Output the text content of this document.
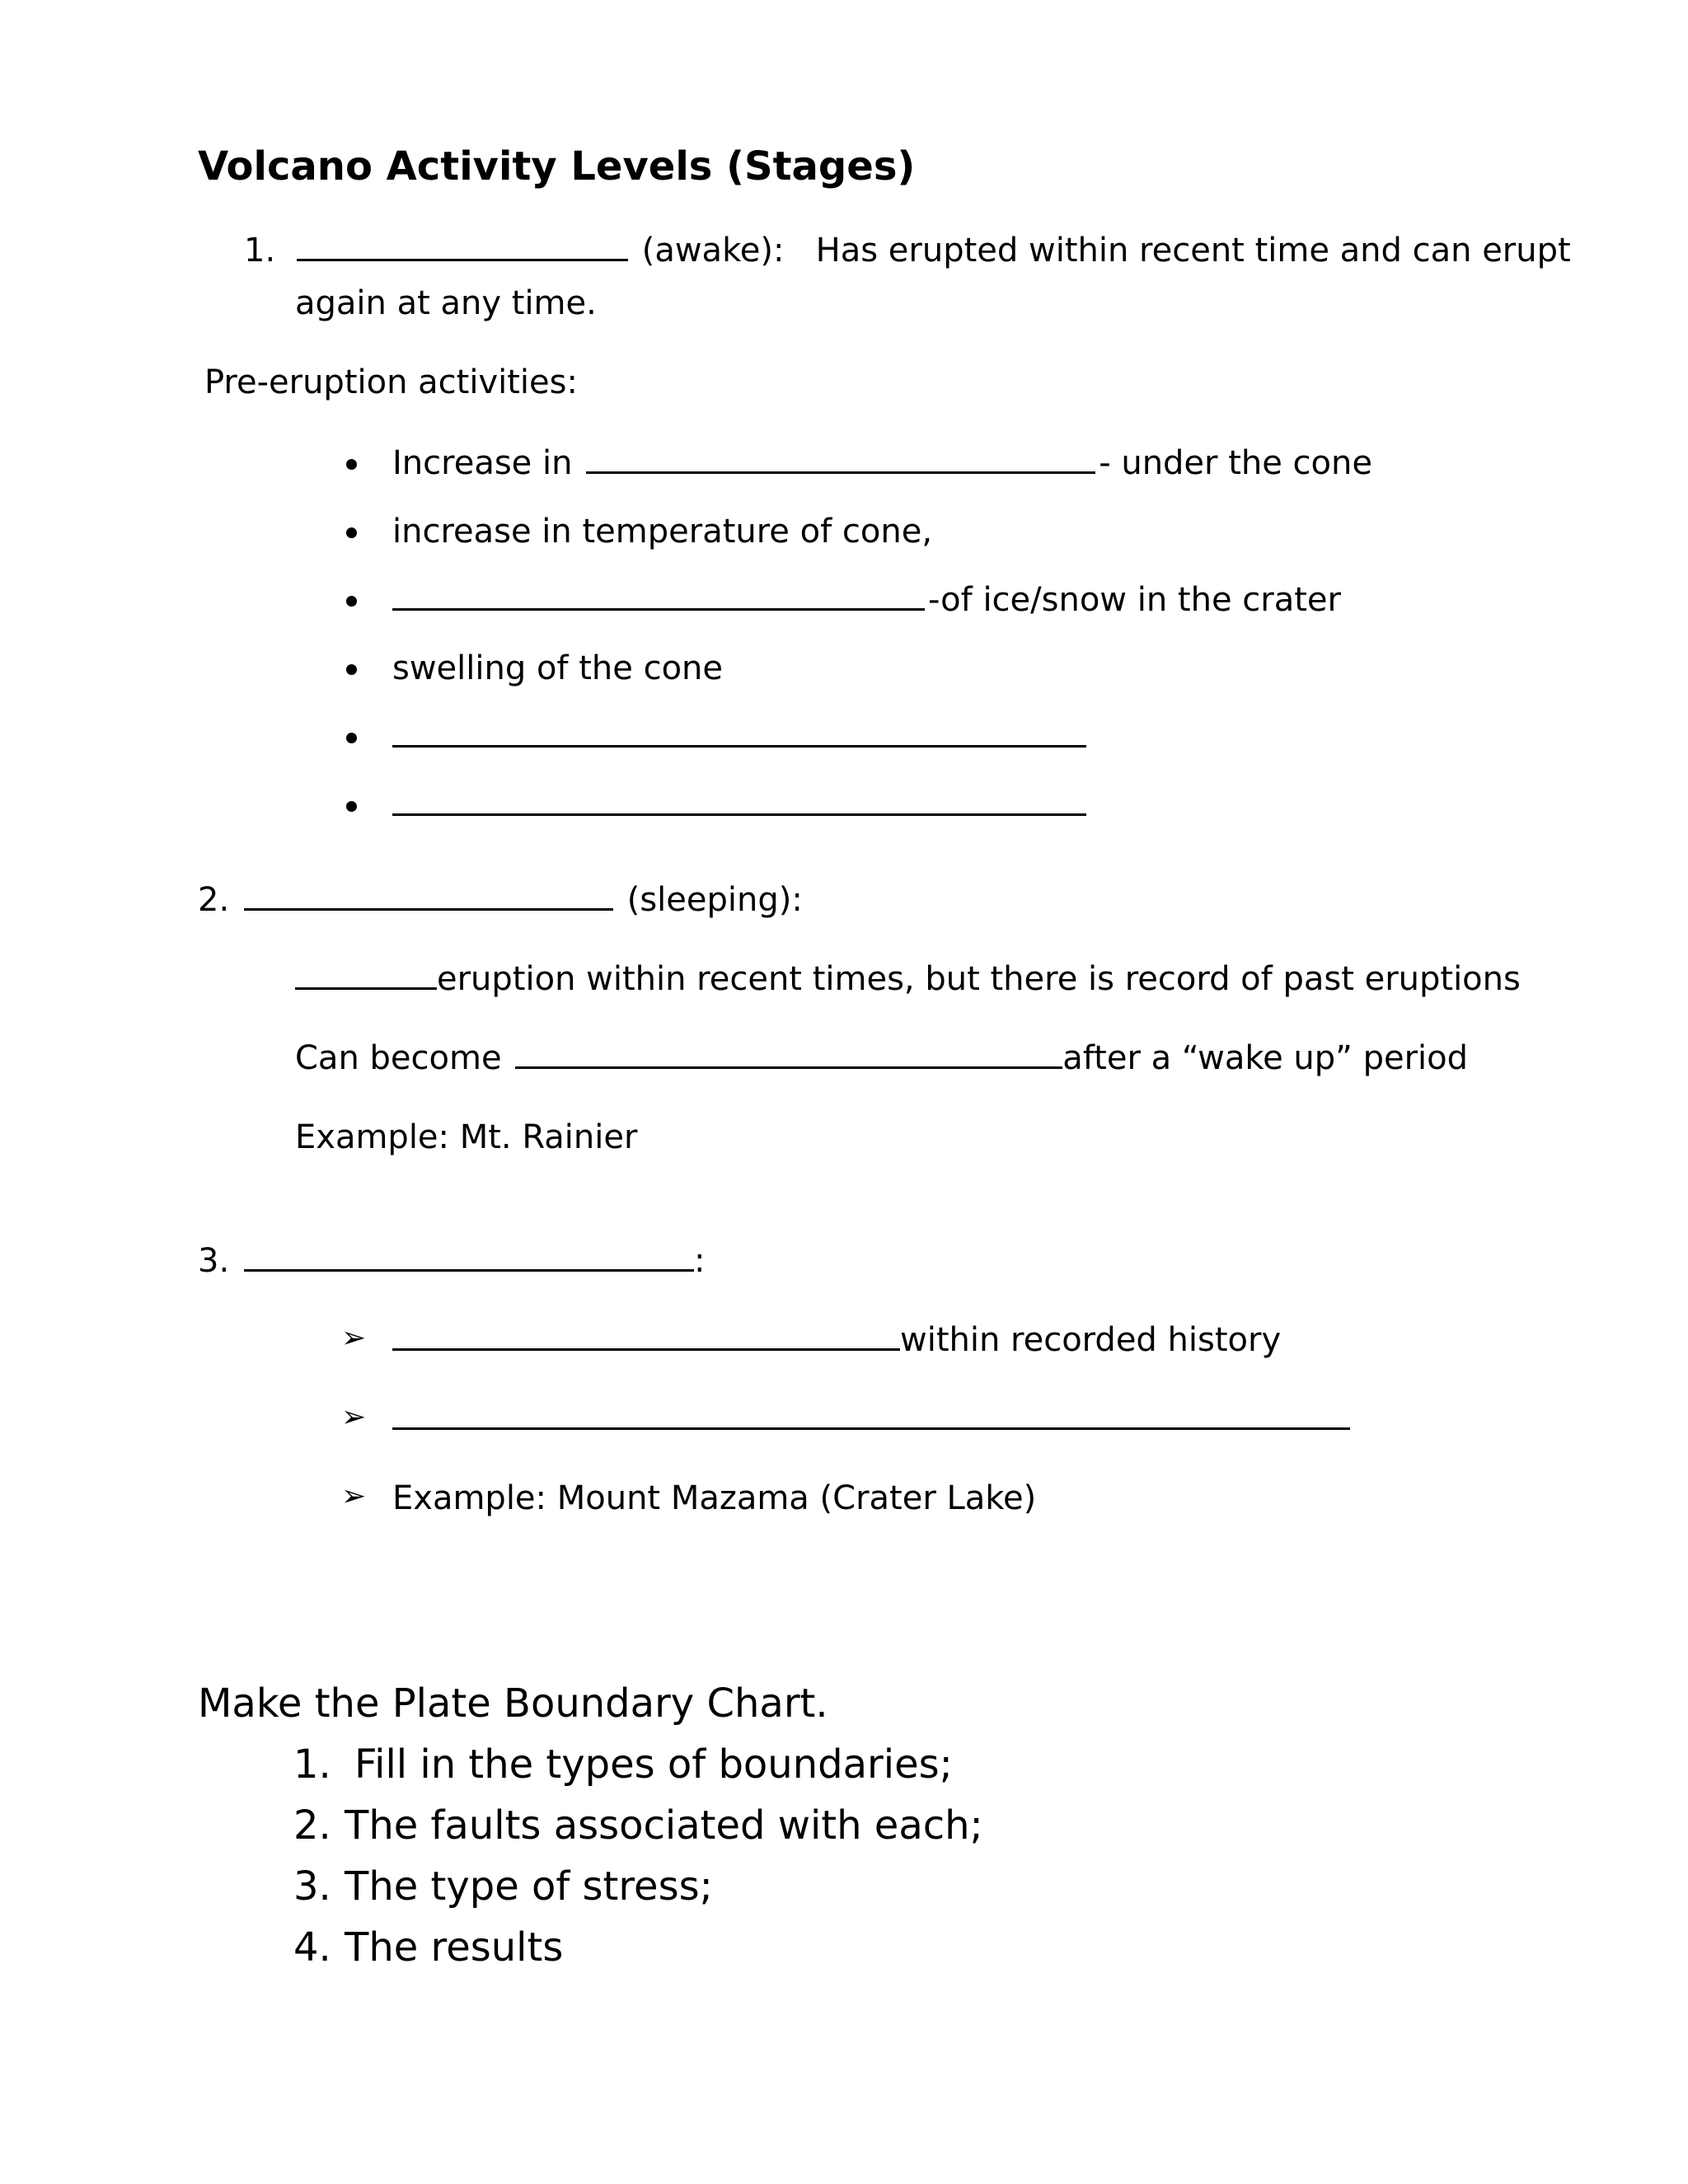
Volcano Activity Levels (Stages)
1.	(awake): Has erupted within recent time and can erupt
again at any time.
Pre-eruption activities:
Increase in	- under the cone
increase in temperature of cone,
-of ice/snow in the crater
swelling of the cone
2.	(sleeping):
eruption within recent times, but there is record of past eruptions
Can become	after a “wake up” period
Example: Mt. Rainier
3.	:
➢	within recorded history
➢
➢ Example: Mount Mazama (Crater Lake)
Make the Plate Boundary Chart.
1. Fill in the types of boundaries;
2. The faults associated with each;
3. The type of stress;
4. The results
